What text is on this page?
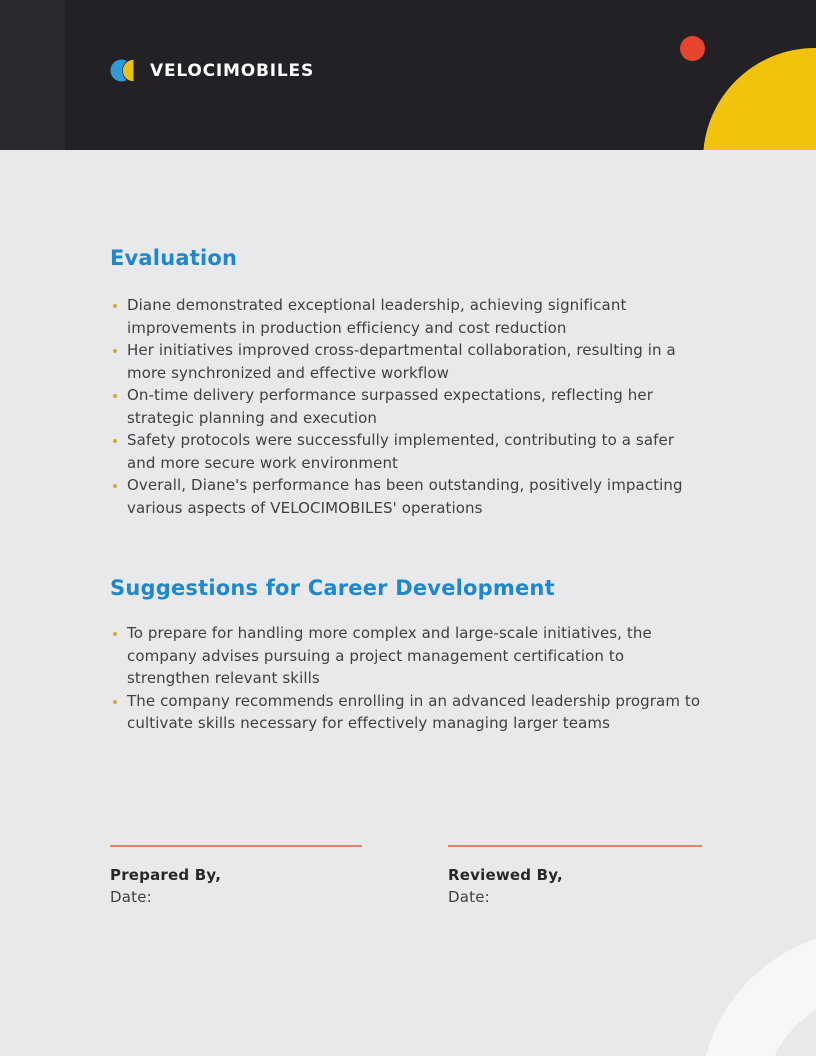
VELOCIMOBILES
Evaluation
Diane demonstrated exceptional leadership, achieving significant improvements in production efficiency and cost reduction
Her initiatives improved cross-departmental collaboration, resulting in a more synchronized and effective workflow
On-time delivery performance surpassed expectations, reflecting her strategic planning and execution
Safety protocols were successfully implemented, contributing to a safer and more secure work environment
Overall, Diane's performance has been outstanding, positively impacting various aspects of VELOCIMOBILES' operations
Suggestions for Career Development
To prepare for handling more complex and large-scale initiatives, the company advises pursuing a project management certification to strengthen relevant skills
The company recommends enrolling in an advanced leadership program to cultivate skills necessary for effectively managing larger teams
Prepared By,
Date:
Reviewed By,
Date:
